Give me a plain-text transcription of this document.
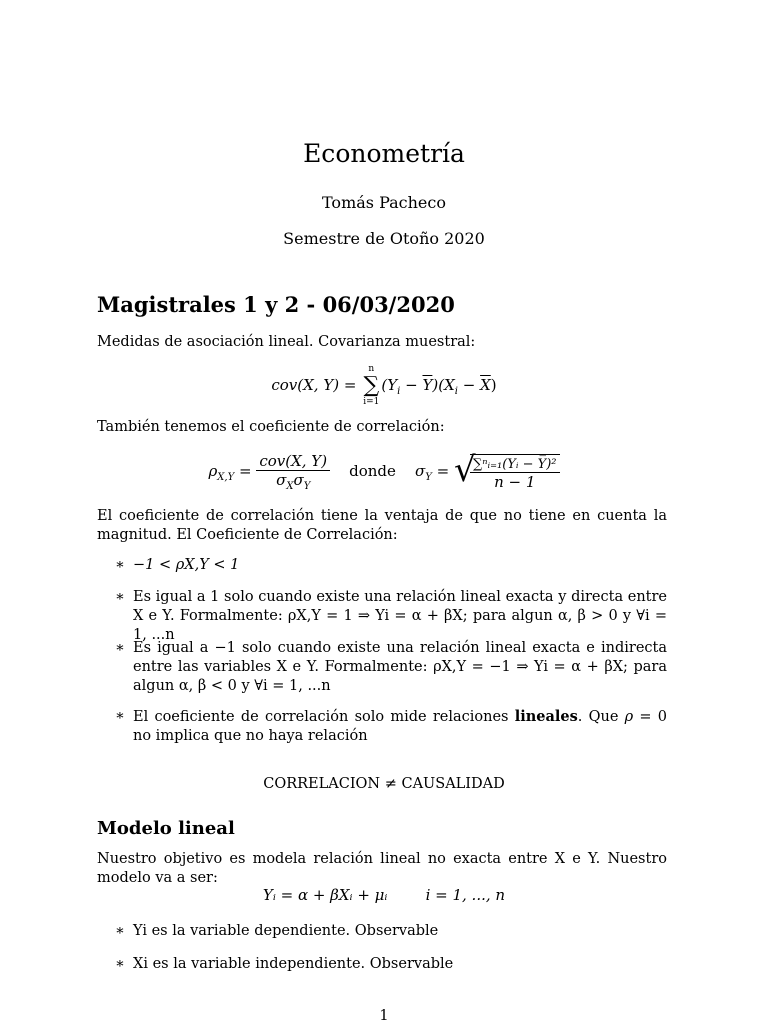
Econometría
Tomás Pacheco
Semestre de Otoño 2020
Magistrales 1 y 2 - 06/03/2020
Medidas de asociación lineal. Covarianza muestral:
cov(X, Y) =
n
∑
i=1
$(Y_i - \overline{Y})(X_i - \overline{X})$
También tenemos el coeficiente de correlación:
$\rho_{X,Y} = \frac{\text{cov(X, Y)}}{\sigma_X\sigma_Y}$ donde $\sigma_Y$ = √
$\frac{\text{∑ⁿᵢ₌₁(Yᵢ − Y̅)²}}{n - 1}$
El coeficiente de correlación tiene la ventaja de que no tiene en cuenta la magnitud. El Coeficiente de Correlación:
∗ −1 < ρX,Y < 1
∗ Es igual a 1 solo cuando existe una relación lineal exacta y directa entre X e Y. Formalmente: ρX,Y = 1 ⇒ Yi = α + βX; para algun α, β > 0 y ∀i = 1, ...n
∗ Es igual a −1 solo cuando existe una relación lineal exacta e indirecta entre las variables X e Y. Formalmente: ρX,Y = −1 ⇒ Yi = α + βX; para algun α, β < 0 y ∀i = 1, ...n
∗ El coeficiente de correlación solo mide relaciones lineales. Que ρ = 0 no implica que no haya relación
CORRELACION ≠ CAUSALIDAD
Modelo lineal
Nuestro objetivo es modela relación lineal no exacta entre X e Y. Nuestro modelo va a ser:
Yᵢ = α + βXᵢ + μᵢ	i = 1, ..., n
∗ Yi es la variable dependiente. Observable
∗ Xi es la variable independiente. Observable
1
